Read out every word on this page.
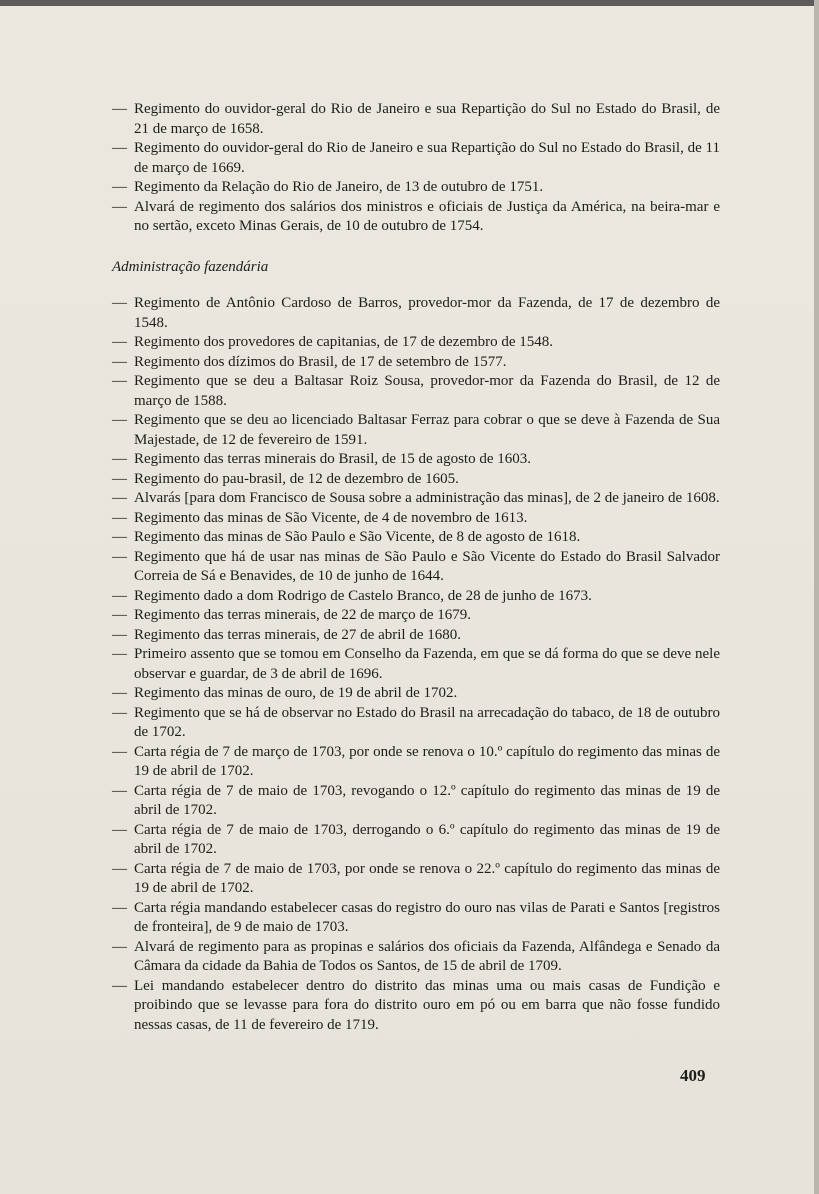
— Regimento do ouvidor-geral do Rio de Janeiro e sua Repartição do Sul no Estado do Brasil, de 21 de março de 1658.

— Regimento do ouvidor-geral do Rio de Janeiro e sua Repartição do Sul no Estado do Brasil, de 11 de março de 1669.

— Regimento da Relação do Rio de Janeiro, de 13 de outubro de 1751.

— Alvará de regimento dos salários dos ministros e oficiais de Justiça da América, na beira-mar e no sertão, exceto Minas Gerais, de 10 de outubro de 1754.

Administração fazendária

— Regimento de Antônio Cardoso de Barros, provedor-mor da Fazenda, de 17 de dezembro de 1548.

— Regimento dos provedores de capitanias, de 17 de dezembro de 1548.

— Regimento dos dízimos do Brasil, de 17 de setembro de 1577.

— Regimento que se deu a Baltasar Roiz Sousa, provedor-mor da Fazenda do Brasil, de 12 de março de 1588.

— Regimento que se deu ao licenciado Baltasar Ferraz para cobrar o que se deve à Fazenda de Sua Majestade, de 12 de fevereiro de 1591.

— Regimento das terras minerais do Brasil, de 15 de agosto de 1603.

— Regimento do pau-brasil, de 12 de dezembro de 1605.

— Alvarás [para dom Francisco de Sousa sobre a administração das minas], de 2 de janeiro de 1608.

— Regimento das minas de São Vicente, de 4 de novembro de 1613.

— Regimento das minas de São Paulo e São Vicente, de 8 de agosto de 1618.

— Regimento que há de usar nas minas de São Paulo e São Vicente do Estado do Brasil Salvador Correia de Sá e Benavides, de 10 de junho de 1644.

— Regimento dado a dom Rodrigo de Castelo Branco, de 28 de junho de 1673.

— Regimento das terras minerais, de 22 de março de 1679.

— Regimento das terras minerais, de 27 de abril de 1680.

— Primeiro assento que se tomou em Conselho da Fazenda, em que se dá forma do que se deve nele observar e guardar, de 3 de abril de 1696.

— Regimento das minas de ouro, de 19 de abril de 1702.

— Regimento que se há de observar no Estado do Brasil na arrecadação do tabaco, de 18 de outubro de 1702.

— Carta régia de 7 de março de 1703, por onde se renova o 10.º capítulo do regimento das minas de 19 de abril de 1702.

— Carta régia de 7 de maio de 1703, revogando o 12.º capítulo do regimento das minas de 19 de abril de 1702.

— Carta régia de 7 de maio de 1703, derrogando o 6.º capítulo do regimento das minas de 19 de abril de 1702.

— Carta régia de 7 de maio de 1703, por onde se renova o 22.º capítulo do regimento das minas de 19 de abril de 1702.

— Carta régia mandando estabelecer casas do registro do ouro nas vilas de Parati e Santos [registros de fronteira], de 9 de maio de 1703.

— Alvará de regimento para as propinas e salários dos oficiais da Fazenda, Alfândega e Senado da Câmara da cidade da Bahia de Todos os Santos, de 15 de abril de 1709.

— Lei mandando estabelecer dentro do distrito das minas uma ou mais casas de Fundição e proibindo que se levasse para fora do distrito ouro em pó ou em barra que não fosse fundido nessas casas, de 11 de fevereiro de 1719.

409
